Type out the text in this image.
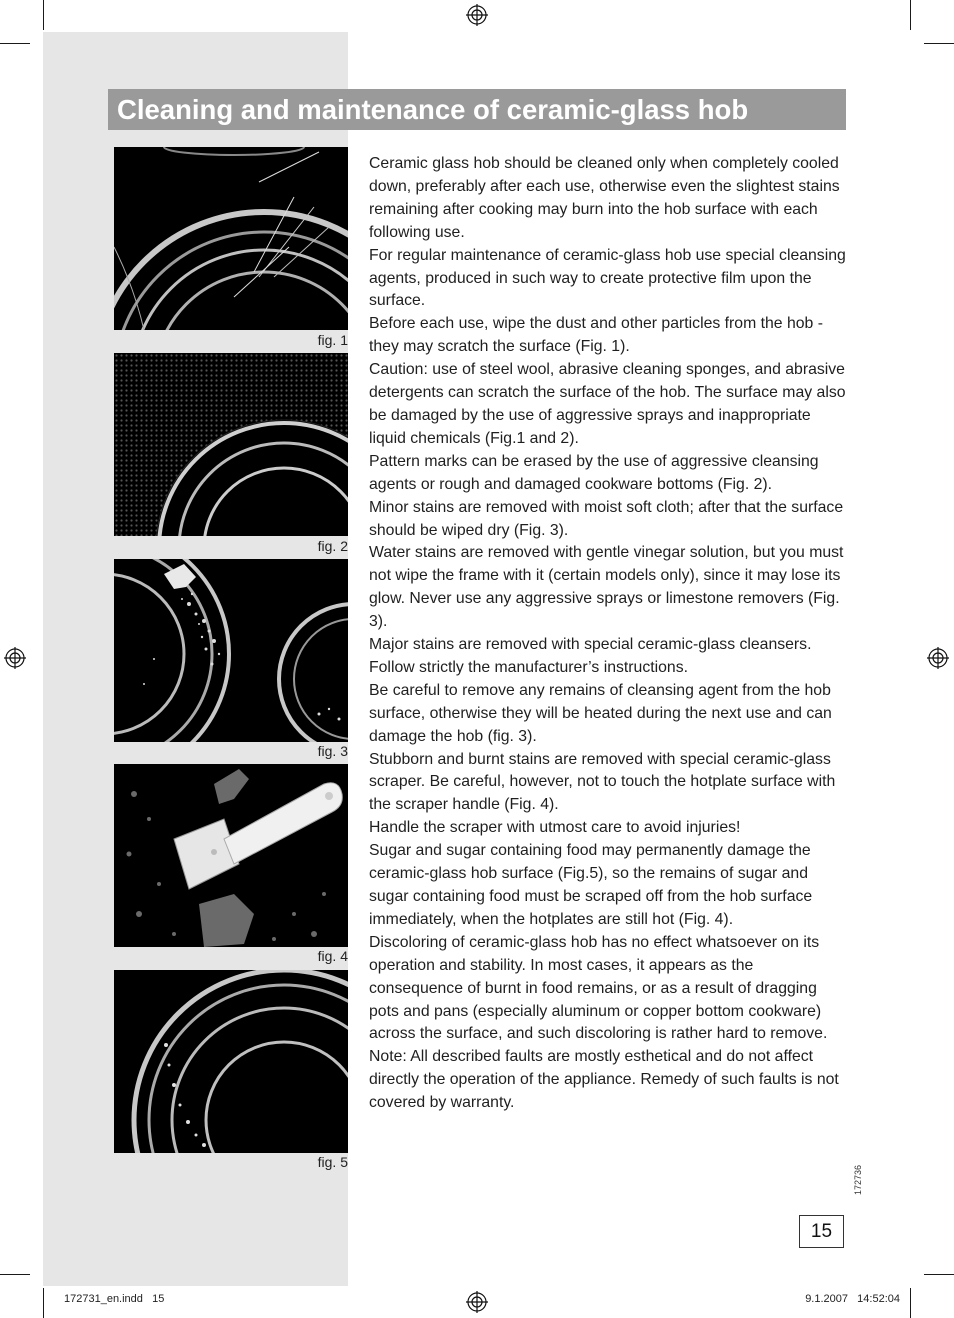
Cleaning and maintenance of ceramic-glass hob
fig. 1
fig. 2
fig. 3
fig. 4
fig. 5

Ceramic glass hob should be cleaned only when completely cooled down, preferably after each use, otherwise even the slightest stains remaining after cooking may burn into the hob surface with each following use.

For regular maintenance of ceramic-glass hob use special cleansing agents, produced in such way to create protective film upon the surface.

Before each use, wipe the dust and other particles from the hob - they may scratch the surface (Fig. 1).

Caution: use of steel wool, abrasive cleaning sponges, and abrasive detergents can scratch the surface of the hob. The surface may also be damaged by the use of aggressive sprays and inappropriate liquid chemicals (Fig.1 and 2).

Pattern marks can be erased by the use of aggressive cleansing agents or rough and damaged cookware bottoms (Fig. 2).

Minor stains are removed with moist soft cloth; after that the surface should be wiped dry (Fig. 3).

Water stains are removed with gentle vinegar solution, but you must not wipe the frame with it (certain models only), since it may lose its glow. Never use any aggressive sprays or limestone removers (Fig. 3).

Major stains are removed with special ceramic-glass cleansers. Follow strictly the manufacturer’s instructions.

Be careful to remove any remains of cleansing agent from the hob surface, otherwise they will be heated during the next use and can damage the hob (fig. 3).

Stubborn and burnt stains are removed with special ceramic-glass scraper. Be careful, however, not to touch the hotplate surface with the scraper handle (Fig. 4).

Handle the scraper with utmost care to avoid injuries!

Sugar and sugar containing food may permanently damage the ceramic-glass hob surface (Fig.5), so the remains of sugar and sugar containing food must be scraped off from the hob surface immediately, when the hotplates are still hot (Fig. 4).

Discoloring of ceramic-glass hob has no effect whatsoever on its operation and stability. In most cases, it appears as the consequence of burnt in food remains, or as a result of dragging pots and pans (especially aluminum or copper bottom cookware) across the surface, and such discoloring is rather hard to remove.

Note: All described faults are mostly esthetical and do not affect directly the operation of the appliance. Remedy of such faults is not covered by warranty.

172736
15
172731_en.indd   15	9.1.2007   14:52:04
